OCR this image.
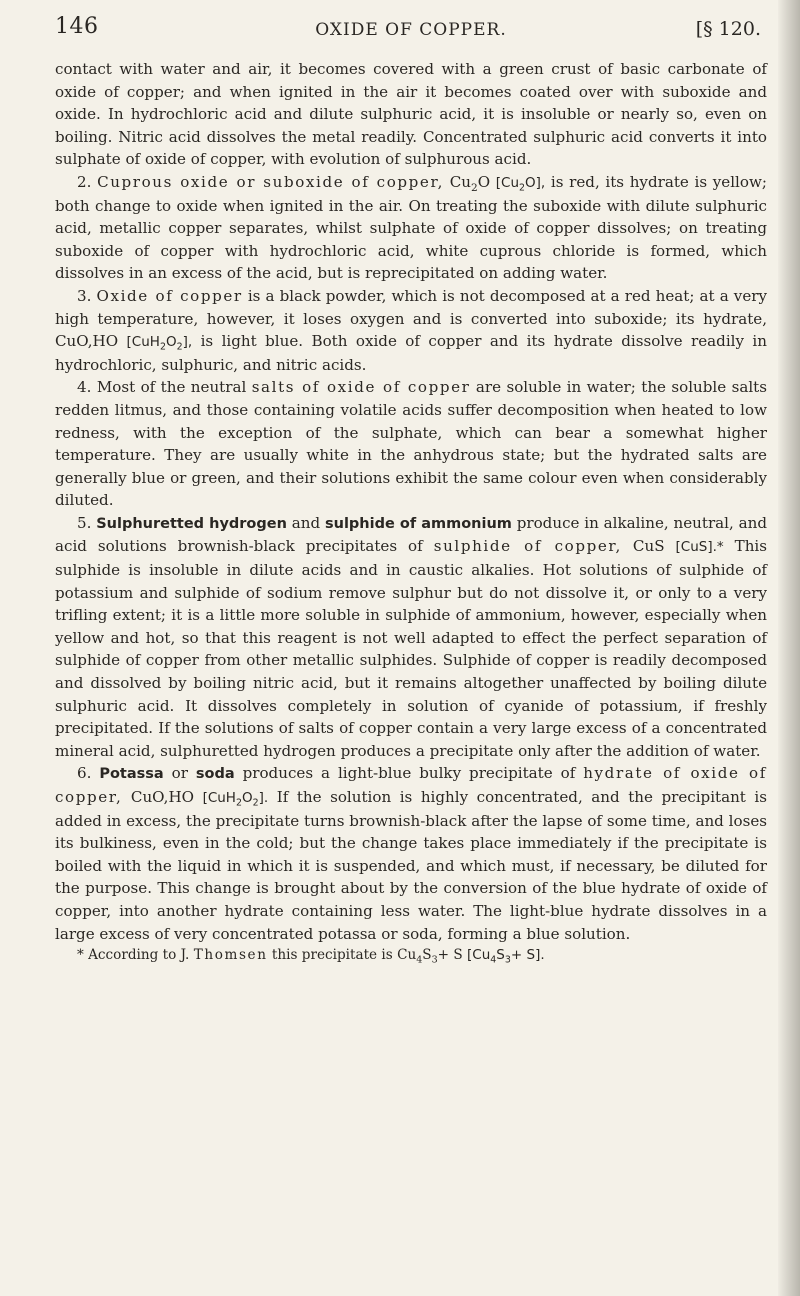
146	OXIDE OF COPPER.	[§ 120.

contact with water and air, it becomes covered with a green crust of basic carbonate of oxide of copper; and when ignited in the air it becomes coated over with suboxide and oxide. In hydrochloric acid and dilute sulphuric acid, it is insoluble or nearly so, even on boiling. Nitric acid dissolves the metal readily. Concentrated sulphuric acid converts it into sulphate of oxide of copper, with evolution of sulphurous acid.

2. Cuprous oxide or suboxide of copper, $Cu_2O$ $[Cu_2O]$, is red, its hydrate is yellow; both change to oxide when ignited in the air. On treating the suboxide with dilute sulphuric acid, metallic copper separates, whilst sulphate of oxide of copper dissolves; on treating suboxide of copper with hydrochloric acid, white cuprous chloride is formed, which dissolves in an excess of the acid, but is reprecipitated on adding water.

3. Oxide of copper is a black powder, which is not decomposed at a red heat; at a very high temperature, however, it loses oxygen and is converted into suboxide; its hydrate, CuO,HO $[CuH_2O_2]$, is light blue. Both oxide of copper and its hydrate dissolve readily in hydrochloric, sulphuric, and nitric acids.

4. Most of the neutral salts of oxide of copper are soluble in water; the soluble salts redden litmus, and those containing volatile acids suffer decomposition when heated to low redness, with the exception of the sulphate, which can bear a somewhat higher temperature. They are usually white in the anhydrous state; but the hydrated salts are generally blue or green, and their solutions exhibit the same colour even when considerably diluted.

5. Sulphuretted hydrogen and sulphide of ammonium produce in alkaline, neutral, and acid solutions brownish-black precipitates of sulphide of copper, CuS [CuS].* This sulphide is insoluble in dilute acids and in caustic alkalies. Hot solutions of sulphide of potassium and sulphide of sodium remove sulphur but do not dissolve it, or only to a very trifling extent; it is a little more soluble in sulphide of ammonium, however, especially when yellow and hot, so that this reagent is not well adapted to effect the perfect separation of sulphide of copper from other metallic sulphides. Sulphide of copper is readily decomposed and dissolved by boiling nitric acid, but it remains altogether unaffected by boiling dilute sulphuric acid. It dissolves completely in solution of cyanide of potassium, if freshly precipitated. If the solutions of salts of copper contain a very large excess of a concentrated mineral acid, sulphuretted hydrogen produces a precipitate only after the addition of water.

6. Potassa or soda produces a light-blue bulky precipitate of hydrate of oxide of copper, CuO,HO $[CuH_2O_2]$. If the solution is highly concentrated, and the precipitant is added in excess, the precipitate turns brownish-black after the lapse of some time, and loses its bulkiness, even in the cold; but the change takes place immediately if the precipitate is boiled with the liquid in which it is suspended, and which must, if necessary, be diluted for the purpose. This change is brought about by the conversion of the blue hydrate of oxide of copper, into another hydrate containing less water. The light-blue hydrate dissolves in a large excess of very concentrated potassa or soda, forming a blue solution.

* According to J. Thomsen this precipitate is $Cu_4S_3+ S$ $[Cu_4S_3+ S]$.
